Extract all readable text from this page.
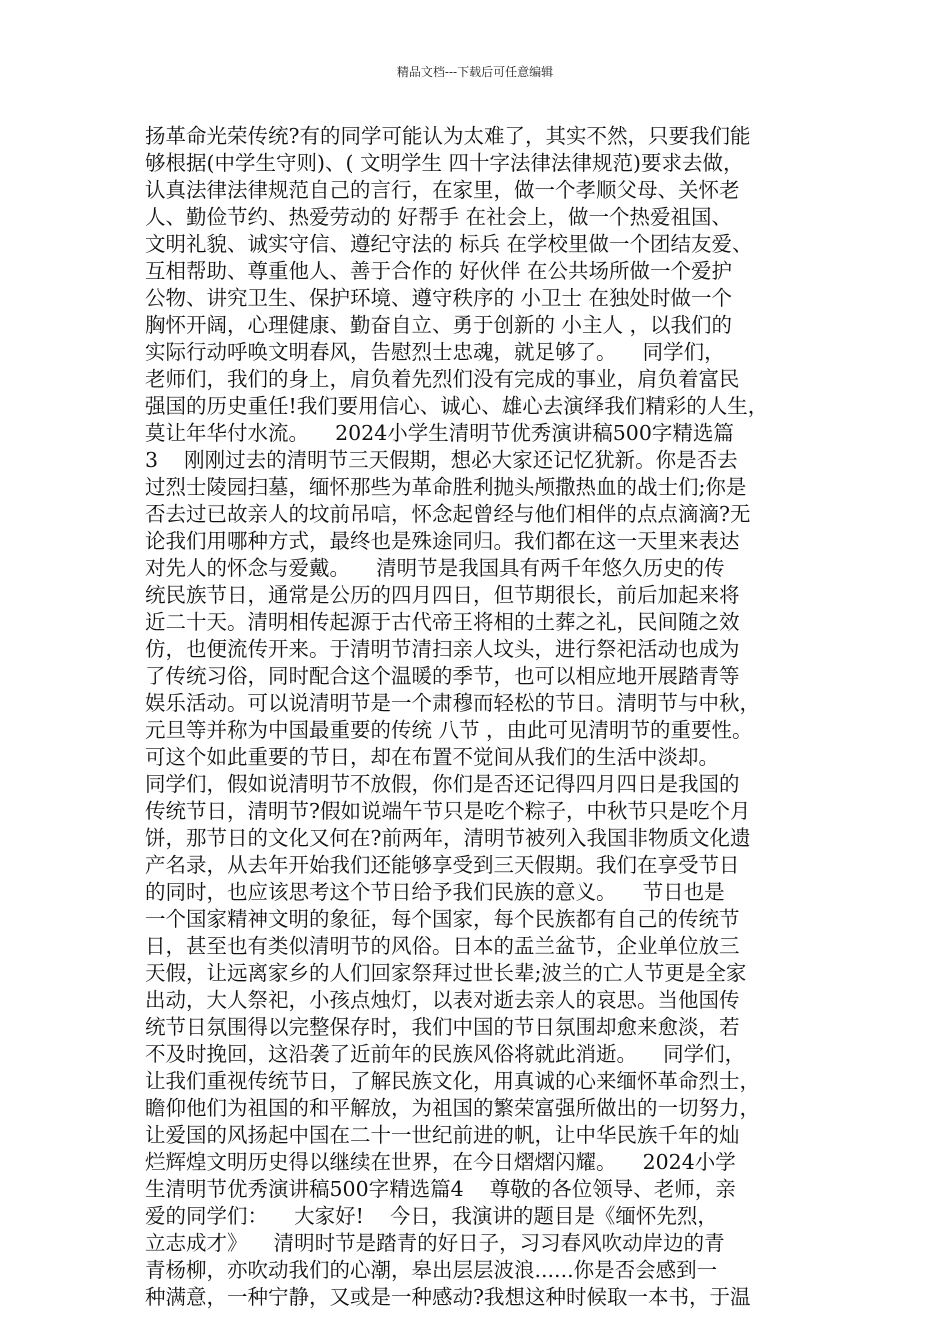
精品文档---下载后可任意编辑
扬革命光荣传统?有的同学可能认为太难了，其实不然，只要我们能
够根据(中学生守则)、( 文明学生 四十字法律法律规范)要求去做，
认真法律法律规范自己的言行，在家里，做一个孝顺父母、关怀老
人、勤俭节约、热爱劳动的 好帮手 在社会上，做一个热爱祖国、
文明礼貌、诚实守信、遵纪守法的 标兵 在学校里做一个团结友爱、
互相帮助、尊重他人、善于合作的 好伙伴 在公共场所做一个爱护
公物、讲究卫生、保护环境、遵守秩序的 小卫士 在独处时做一个
胸怀开阔，心理健康、勤奋自立、勇于创新的 小主人 ，以我们的
实际行动呼唤文明春风，告慰烈士忠魂，就足够了。    同学们，
老师们，我们的身上，肩负着先烈们没有完成的事业，肩负着富民
强国的历史重任!我们要用信心、诚心、雄心去演绎我们精彩的人生，
莫让年华付水流。    2024小学生清明节优秀演讲稿500字精选篇
3    刚刚过去的清明节三天假期，想必大家还记忆犹新。你是否去
过烈士陵园扫墓，缅怀那些为革命胜利抛头颅撒热血的战士们;你是
否去过已故亲人的坟前吊唁，怀念起曾经与他们相伴的点点滴滴?无
论我们用哪种方式，最终也是殊途同归。我们都在这一天里来表达
对先人的怀念与爱戴。    清明节是我国具有两千年悠久历史的传
统民族节日，通常是公历的四月四日，但节期很长，前后加起来将
近二十天。清明相传起源于古代帝王将相的土葬之礼，民间随之效
仿，也便流传开来。于清明节清扫亲人坟头，进行祭祀活动也成为
了传统习俗，同时配合这个温暖的季节，也可以相应地开展踏青等
娱乐活动。可以说清明节是一个肃穆而轻松的节日。清明节与中秋，
元旦等并称为中国最重要的传统 八节 ，由此可见清明节的重要性。
可这个如此重要的节日，却在布置不觉间从我们的生活中淡却。
同学们，假如说清明节不放假，你们是否还记得四月四日是我国的
传统节日，清明节?假如说端午节只是吃个粽子，中秋节只是吃个月
饼，那节日的文化又何在?前两年，清明节被列入我国非物质文化遗
产名录，从去年开始我们还能够享受到三天假期。我们在享受节日
的同时，也应该思考这个节日给予我们民族的意义。    节日也是
一个国家精神文明的象征，每个国家，每个民族都有自己的传统节
日，甚至也有类似清明节的风俗。日本的盂兰盆节，企业单位放三
天假，让远离家乡的人们回家祭拜过世长辈;波兰的亡人节更是全家
出动，大人祭祀，小孩点烛灯，以表对逝去亲人的哀思。当他国传
统节日氛围得以完整保存时，我们中国的节日氛围却愈来愈淡，若
不及时挽回，这沿袭了近前年的民族风俗将就此消逝。    同学们，
让我们重视传统节日，了解民族文化，用真诚的心来缅怀革命烈士，
瞻仰他们为祖国的和平解放，为祖国的繁荣富强所做出的一切努力，
让爱国的风扬起中国在二十一世纪前进的帆，让中华民族千年的灿
烂辉煌文明历史得以继续在世界，在今日熠熠闪耀。    2024小学
生清明节优秀演讲稿500字精选篇4    尊敬的各位领导、老师，亲
爱的同学们：    大家好!    今日，我演讲的题目是《缅怀先烈，
立志成才》    清明时节是踏青的好日子，习习春风吹动岸边的青
青杨柳，亦吹动我们的心潮，皋出层层波浪......你是否会感到一
种满意，一种宁静，又或是一种感动?我想这种时候取一本书，于温
